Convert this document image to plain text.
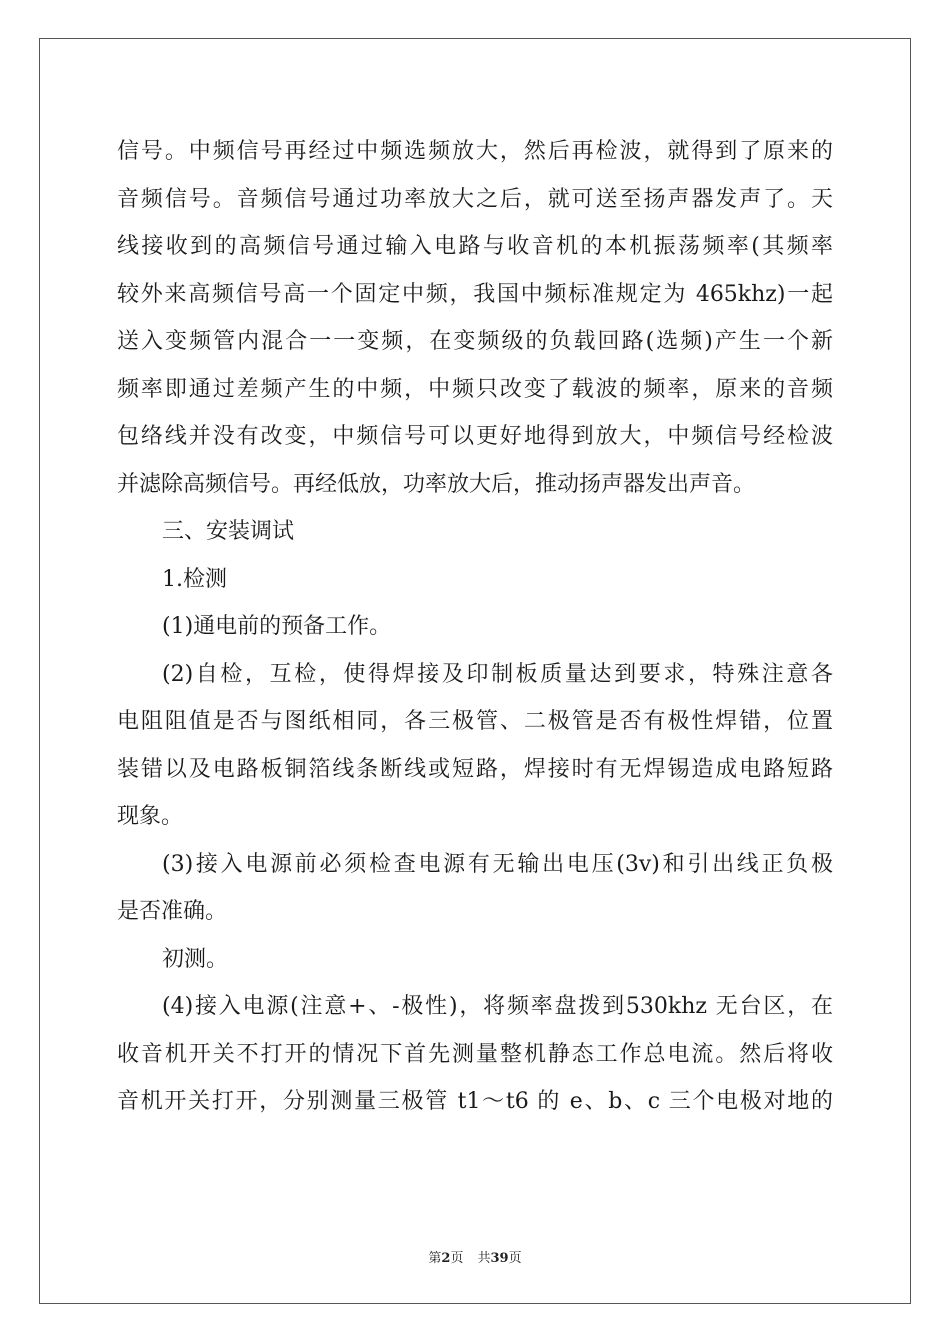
信号。中频信号再经过中频选频放大，然后再检波，就得到了原来的
音频信号。音频信号通过功率放大之后，就可送至扬声器发声了。天
线接收到的高频信号通过输入电路与收音机的本机振荡频率(其频率
较外来高频信号高一个固定中频，我国中频标准规定为 465khz)一起
送入变频管内混合一一变频，在变频级的负载回路(选频)产生一个新
频率即通过差频产生的中频，中频只改变了载波的频率，原来的音频
包络线并没有改变，中频信号可以更好地得到放大，中频信号经检波
并滤除高频信号。再经低放，功率放大后，推动扬声器发出声音。
三、安装调试
1.检测
(1)通电前的预备工作。
(2)自检，互检，使得焊接及印制板质量达到要求，特殊注意各
电阻阻值是否与图纸相同，各三极管、二极管是否有极性焊错，位置
装错以及电路板铜箔线条断线或短路，焊接时有无焊锡造成电路短路
现象。
(3)接入电源前必须检查电源有无输出电压(3v)和引出线正负极
是否准确。
初测。
(4)接入电源(注意+、-极性)，将频率盘拨到530khz 无台区，在
收音机开关不打开的情况下首先测量整机静态工作总电流。然后将收
音机开关打开，分别测量三极管 t1～t6 的 e、b、c 三个电极对地的
第2页 共39页
